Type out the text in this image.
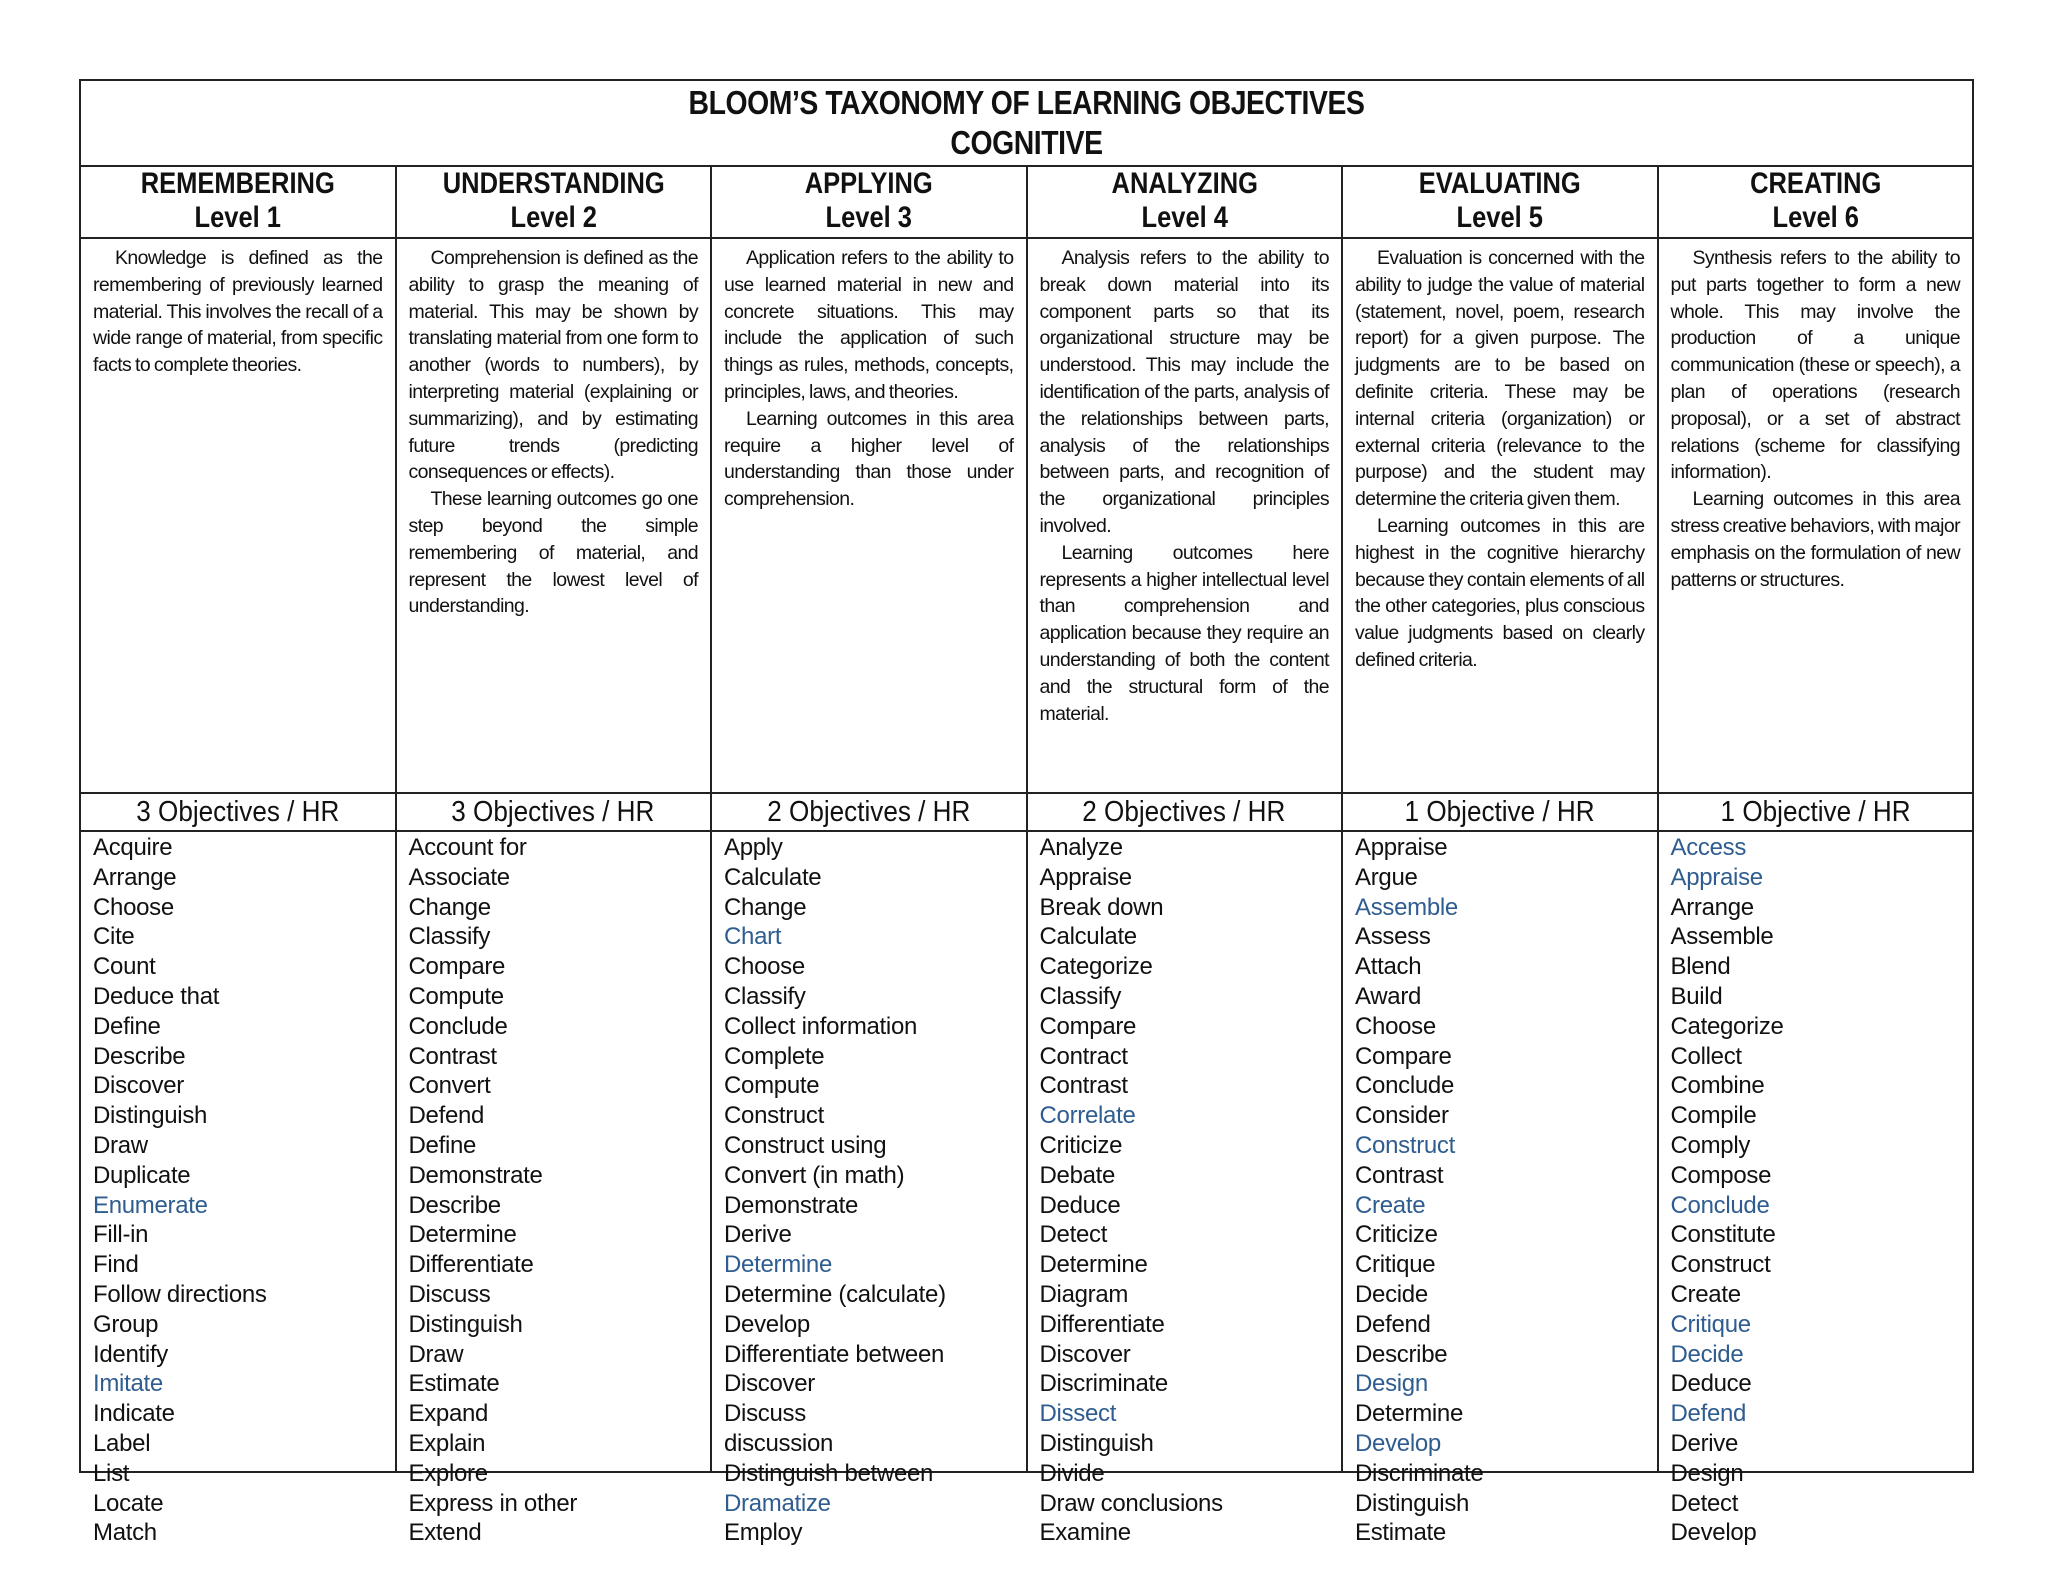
BLOOM’S TAXONOMY OF LEARNING OBJECTIVES
COGNITIVE
REMEMBERING
Level 1

Knowledge is defined as the remembering of previously learned material. This involves the recall of a wide range of material, from specific facts to complete theories.

3 Objectives / HR
Acquire
Arrange
Choose
Cite
Count
Deduce that
Define
Describe
Discover
Distinguish
Draw
Duplicate
Enumerate
Fill-in
Find
Follow directions
Group
Identify
Imitate
Indicate
Label
List
Locate
Match
UNDERSTANDING
Level 2

Comprehension is defined as the ability to grasp the meaning of material. This may be shown by translating material from one form to another (words to numbers), by interpreting material (explaining or summarizing), and by estimating future trends (predicting consequences or effects).

These learning outcomes go one step beyond the simple remembering of material, and represent the lowest level of understanding.

3 Objectives / HR
Account for
Associate
Change
Classify
Compare
Compute
Conclude
Contrast
Convert
Defend
Define
Demonstrate
Describe
Determine
Differentiate
Discuss
Distinguish
Draw
Estimate
Expand
Explain
Explore
Express in other
Extend
APPLYING
Level 3

Application refers to the ability to use learned material in new and concrete situations. This may include the application of such things as rules, methods, concepts, principles, laws, and theories.

Learning outcomes in this area require a higher level of understanding than those under comprehension.

2 Objectives / HR
Apply
Calculate
Change
Chart
Choose
Classify
Collect information
Complete
Compute
Construct
Construct using
Convert (in math)
Demonstrate
Derive
Determine
Determine (calculate)
Develop
Differentiate between
Discover
Discuss
discussion
Distinguish between
Dramatize
Employ
ANALYZING
Level 4

Analysis refers to the ability to break down material into its component parts so that its organizational structure may be understood. This may include the identification of the parts, analysis of the relationships between parts, analysis of the relationships between parts, and recognition of the organizational principles involved.

Learning outcomes here represents a higher intellectual level than comprehension and application because they require an understanding of both the content and the structural form of the material.

2 Objectives / HR
Analyze
Appraise
Break down
Calculate
Categorize
Classify
Compare
Contract
Contrast
Correlate
Criticize
Debate
Deduce
Detect
Determine
Diagram
Differentiate
Discover
Discriminate
Dissect
Distinguish
Divide
Draw conclusions
Examine
EVALUATING
Level 5

Evaluation is concerned with the ability to judge the value of material (statement, novel, poem, research report) for a given purpose. The judgments are to be based on definite criteria. These may be internal criteria (organization) or external criteria (relevance to the purpose) and the student may determine the criteria given them.

Learning outcomes in this are highest in the cognitive hierarchy because they contain elements of all the other categories, plus conscious value judgments based on clearly defined criteria.

1 Objective / HR
Appraise
Argue
Assemble
Assess
Attach
Award
Choose
Compare
Conclude
Consider
Construct
Contrast
Create
Criticize
Critique
Decide
Defend
Describe
Design
Determine
Develop
Discriminate
Distinguish
Estimate
CREATING
Level 6

Synthesis refers to the ability to put parts together to form a new whole. This may involve the production of a unique communication (these or speech), a plan of operations (research proposal), or a set of abstract relations (scheme for classifying information).

Learning outcomes in this area stress creative behaviors, with major emphasis on the formulation of new patterns or structures.

1 Objective / HR
Access
Appraise
Arrange
Assemble
Blend
Build
Categorize
Collect
Combine
Compile
Comply
Compose
Conclude
Constitute
Construct
Create
Critique
Decide
Deduce
Defend
Derive
Design
Detect
Develop
